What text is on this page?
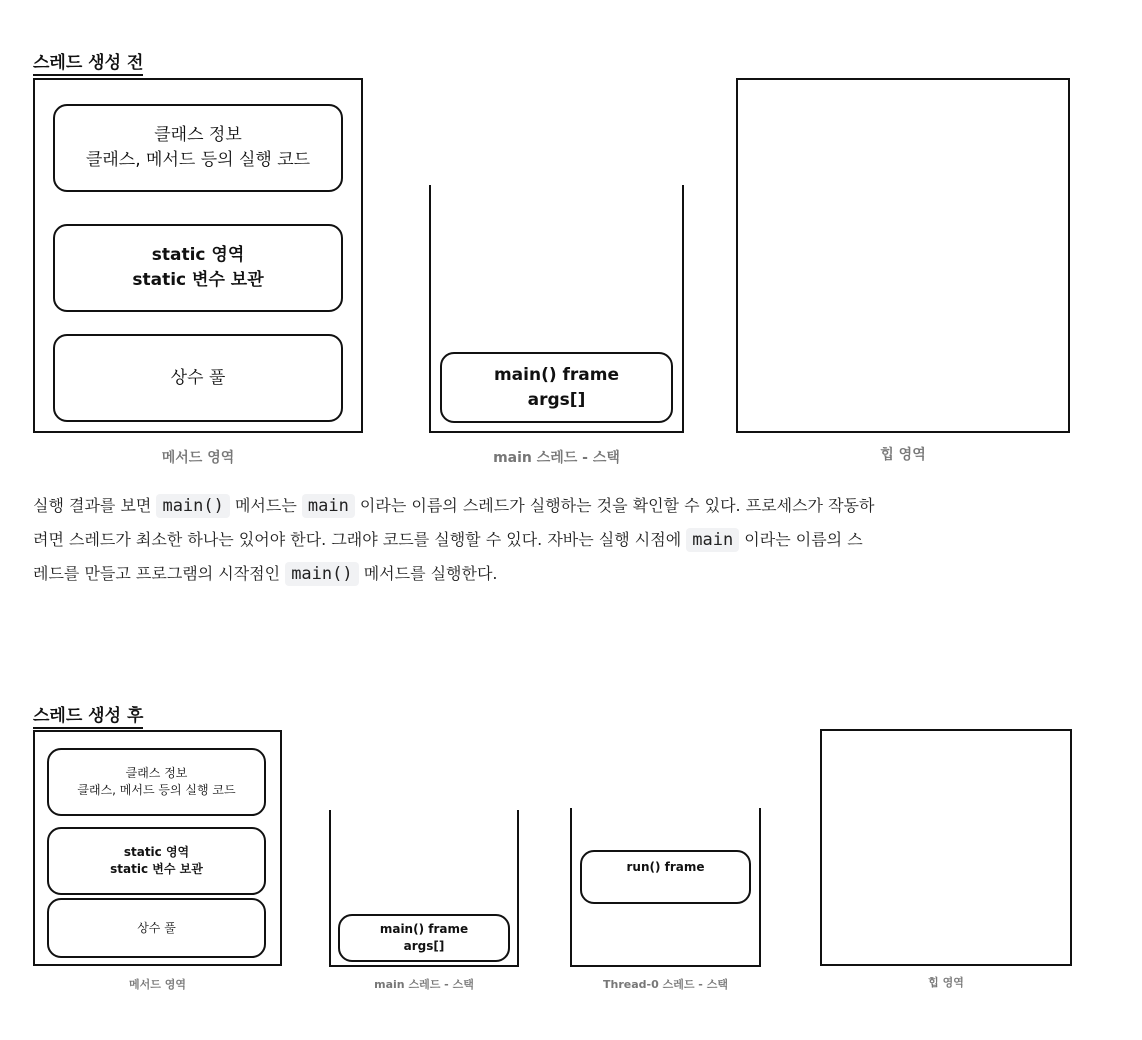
스레드 생성 전
클래스 정보
클래스, 메서드 등의 실행 코드
static 영역
static 변수 보관
상수 풀
메서드 영역
main() frame
args[]
main 스레드 - 스택	힙 영역

실행 결과를 보면 main() 메서드는 main 이라는 이름의 스레드가 실행하는 것을 확인할 수 있다. 프로세스가 작동하

려면 스레드가 최소한 하나는 있어야 한다. 그래야 코드를 실행할 수 있다. 자바는 실행 시점에 main 이라는 이름의 스

레드를 만들고 프로그램의 시작점인 main() 메서드를 실행한다.

스레드 생성 후
클래스 정보
클래스, 메서드 등의 실행 코드
static 영역
static 변수 보관
상수 풀
메서드 영역
main() frame
args[]
main 스레드 - 스택
run() frame
Thread-0 스레드 - 스택	힙 영역
